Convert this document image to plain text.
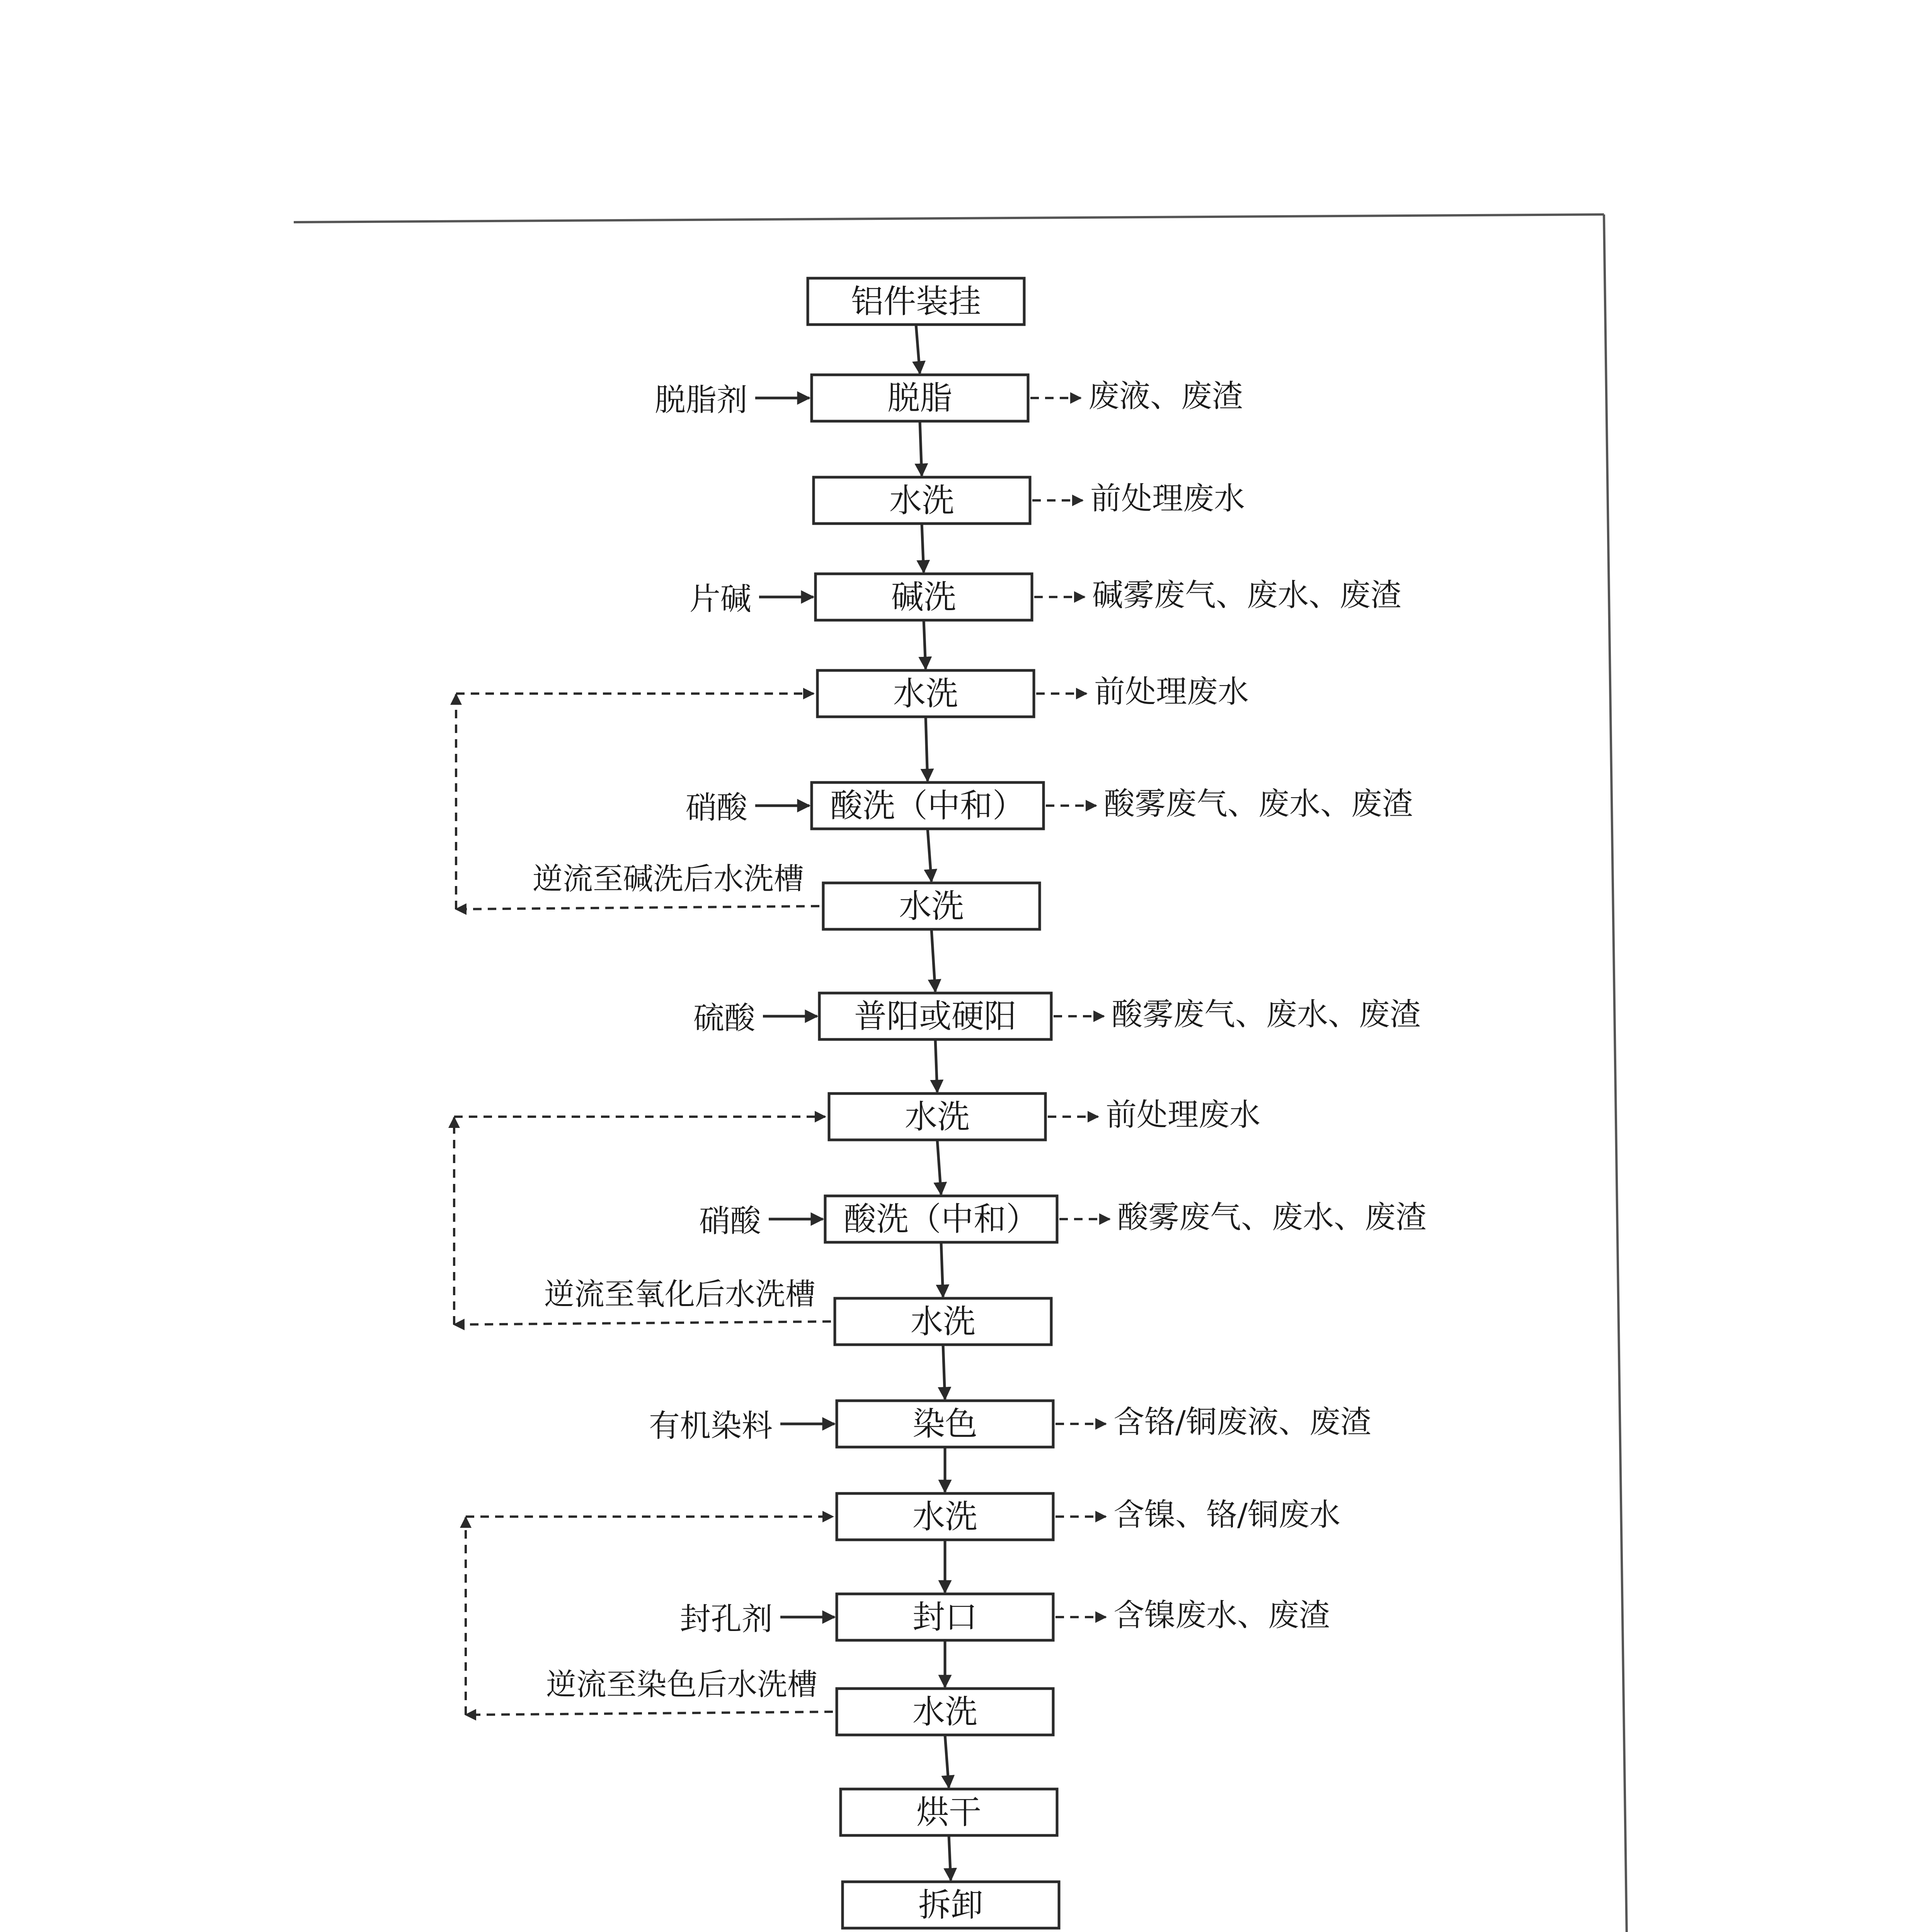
铝件装挂
脱脂
水洗
碱洗
水洗
酸洗（中和）
水洗
普阳或硬阳
水洗
酸洗（中和）
水洗
染色
水洗
封口
水洗
烘干
拆卸
脱脂剂	废液、废渣
前处理废水
片碱	碱雾废气、废水、废渣
前处理废水
硝酸	酸雾废气、废水、废渣
硫酸	酸雾废气、废水、废渣
前处理废水
硝酸	酸雾废气、废水、废渣
有机染料	含铬/铜废液、废渣
含镍、铬/铜废水
封孔剂	含镍废水、废渣
逆流至碱洗后水洗槽
逆流至氧化后水洗槽
逆流至染色后水洗槽
